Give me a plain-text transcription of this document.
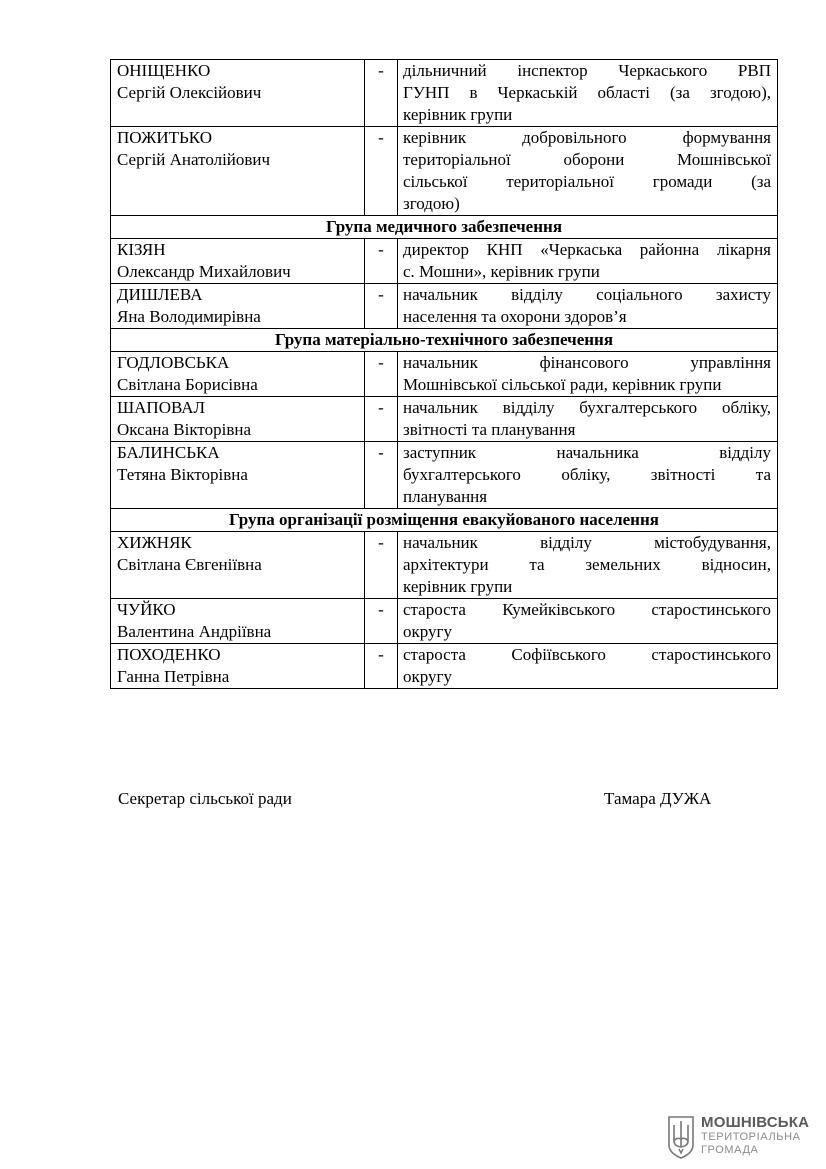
ОНІЩЕНКО
Сергій Олексійович	-	дільничний інспектор Черкаського РВП
ГУНП в Черкаській області (за згодою),
керівник групи

ПОЖИТЬКО
Сергій Анатолійович	-	керівник добровільного формування
територіальної оборони Мошнівської
сільської територіальної громади (за
згодою)

Група медичного забезпечення		

КІЗЯН
Олександр Михайлович	-	директор КНП «Черкаська районна лікарня
с. Мошни», керівник групи

ДИШЛЕВА
Яна Володимирівна	-	начальник відділу соціального захисту
населення та охорони здоров’я

Група матеріально-технічного забезпечення		

ГОДЛОВСЬКА
Світлана Борисівна	-	начальник фінансового управління
Мошнівської сільської ради, керівник групи

ШАПОВАЛ
Оксана Вікторівна	-	начальник відділу бухгалтерського обліку,
звітності та планування

БАЛИНСЬКА
Тетяна Вікторівна	-	заступник начальника відділу
бухгалтерського обліку, звітності та
планування

Група організації розміщення евакуйованого населення		

ХИЖНЯК
Світлана Євгеніївна	-	начальник відділу містобудування,
архітектури та земельних відносин,
керівник групи

ЧУЙКО
Валентина Андріївна	-	староста Кумейківського старостинського
округу

ПОХОДЕНКО
Ганна Петрівна	-	староста Софіївського старостинського
округу
Секретар сільської ради	Тамара ДУЖА
МОШНІВСЬКА
ТЕРИТОРІАЛЬНА
ГРОМАДА
